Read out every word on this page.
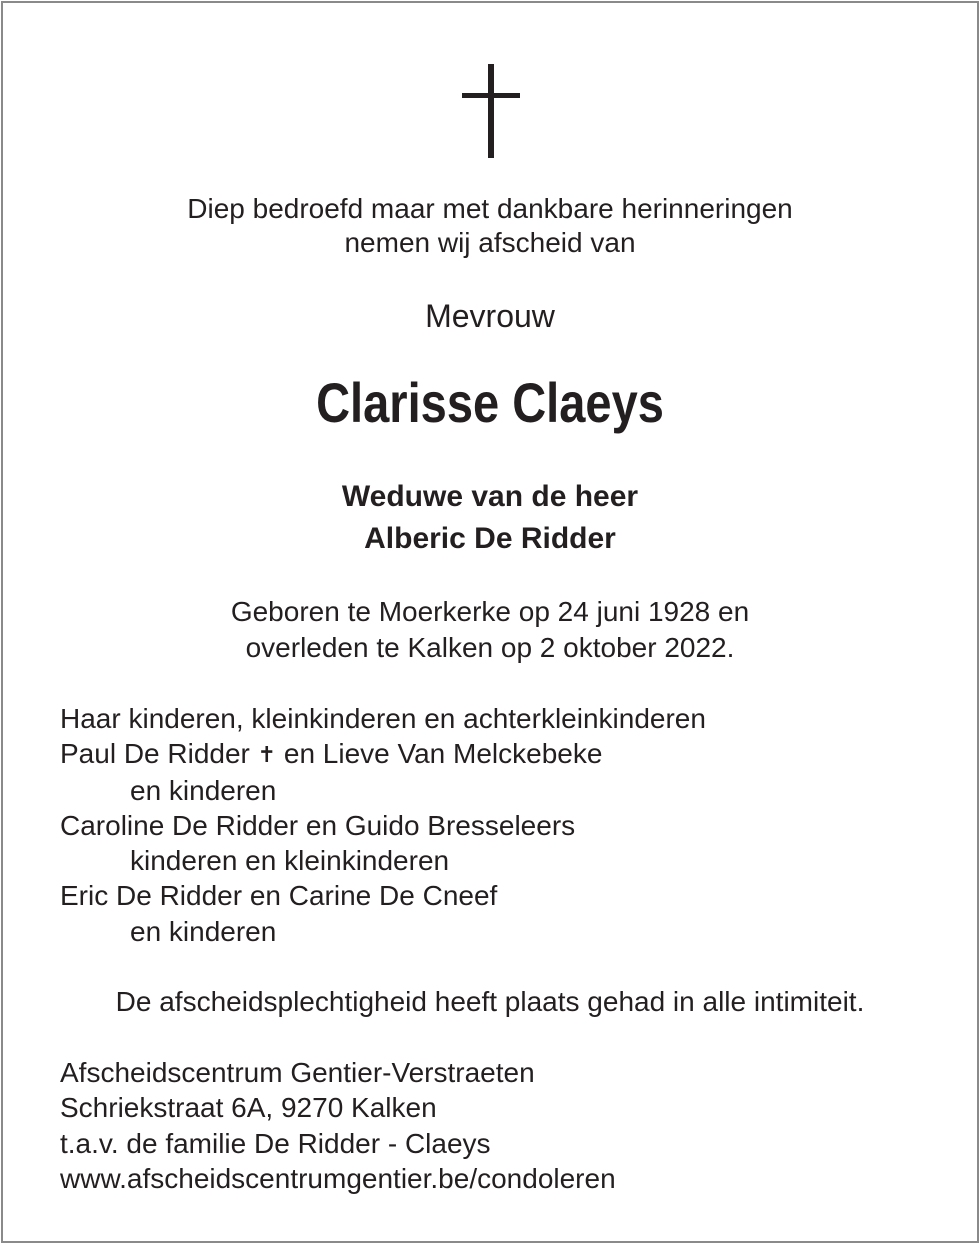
Diep bedroefd maar met dankbare herinneringen
nemen wij afscheid van
Mevrouw
Clarisse Claeys
Weduwe van de heer
Alberic De Ridder
Geboren te Moerkerke op 24 juni 1928 en
overleden te Kalken op 2 oktober 2022.
Haar kinderen, kleinkinderen en achterkleinkinderen
Paul De Ridder ✝ en Lieve Van Melckebeke
en kinderen
Caroline De Ridder en Guido Bresseleers
kinderen en kleinkinderen
Eric De Ridder en Carine De Cneef
en kinderen
De afscheidsplechtigheid heeft plaats gehad in alle intimiteit.
Afscheidscentrum Gentier-Verstraeten
Schriekstraat 6A, 9270 Kalken
t.a.v. de familie De Ridder - Claeys
www.afscheidscentrumgentier.be/condoleren
